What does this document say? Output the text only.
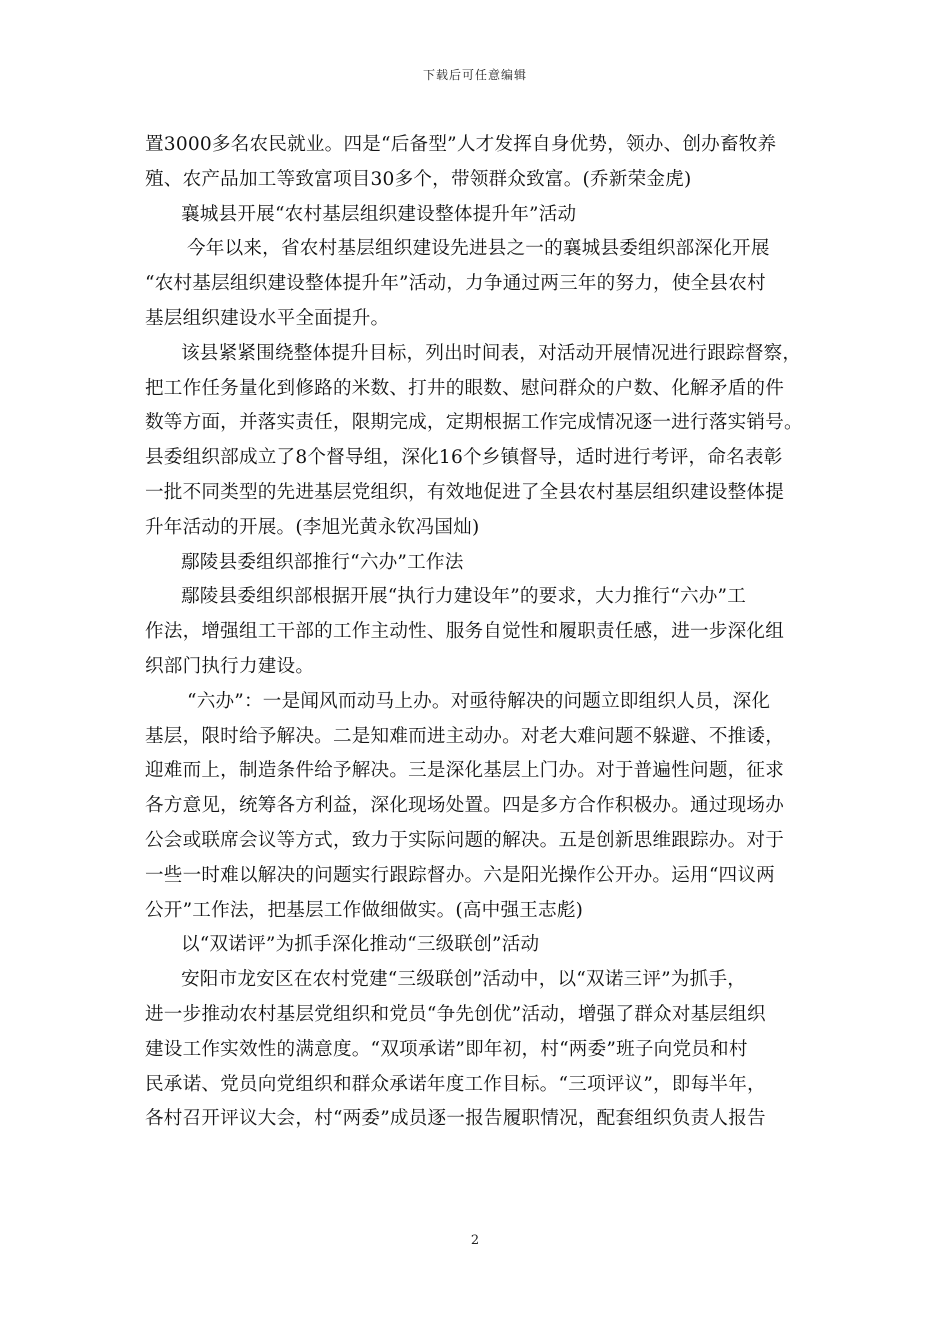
下载后可任意编辑
置3000多名农民就业。四是“后备型”人才发挥自身优势，领办、创办畜牧养
殖、农产品加工等致富项目30多个，带领群众致富。(乔新荣金虎)
襄城县开展“农村基层组织建设整体提升年”活动
今年以来，省农村基层组织建设先进县之一的襄城县委组织部深化开展
“农村基层组织建设整体提升年”活动，力争通过两三年的努力，使全县农村
基层组织建设水平全面提升。
该县紧紧围绕整体提升目标，列出时间表，对活动开展情况进行跟踪督察，
把工作任务量化到修路的米数、打井的眼数、慰问群众的户数、化解矛盾的件
数等方面，并落实责任，限期完成，定期根据工作完成情况逐一进行落实销号。
县委组织部成立了8个督导组，深化16个乡镇督导，适时进行考评，命名表彰
一批不同类型的先进基层党组织，有效地促进了全县农村基层组织建设整体提
升年活动的开展。(李旭光黄永钦冯国灿)
鄢陵县委组织部推行“六办”工作法
鄢陵县委组织部根据开展“执行力建设年”的要求，大力推行“六办”工
作法，增强组工干部的工作主动性、服务自觉性和履职责任感，进一步深化组
织部门执行力建设。
“六办”：一是闻风而动马上办。对亟待解决的问题立即组织人员，深化
基层，限时给予解决。二是知难而进主动办。对老大难问题不躲避、不推诿，
迎难而上，制造条件给予解决。三是深化基层上门办。对于普遍性问题，征求
各方意见，统筹各方利益，深化现场处置。四是多方合作积极办。通过现场办
公会或联席会议等方式，致力于实际问题的解决。五是创新思维跟踪办。对于
一些一时难以解决的问题实行跟踪督办。六是阳光操作公开办。运用“四议两
公开”工作法，把基层工作做细做实。(高中强王志彪)
以“双诺评”为抓手深化推动“三级联创”活动
安阳市龙安区在农村党建“三级联创”活动中，以“双诺三评”为抓手，
进一步推动农村基层党组织和党员“争先创优”活动，增强了群众对基层组织
建设工作实效性的满意度。“双项承诺”即年初，村“两委”班子向党员和村
民承诺、党员向党组织和群众承诺年度工作目标。“三项评议”，即每半年，
各村召开评议大会，村“两委”成员逐一报告履职情况，配套组织负责人报告
2
